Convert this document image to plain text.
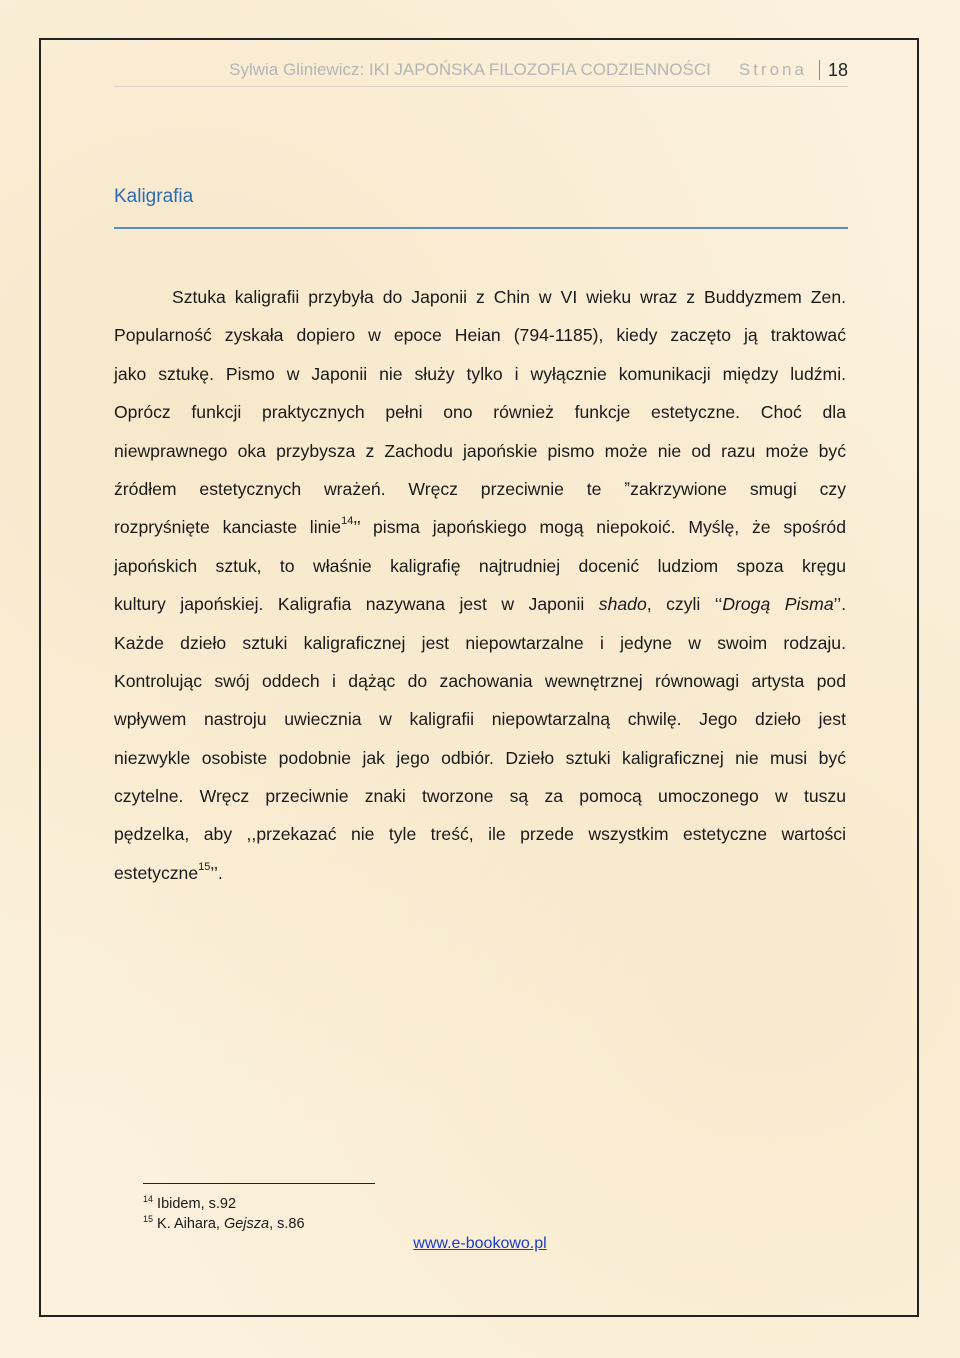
Sylwia Gliniewicz: IKI JAPOŃSKA FILOZOFIA CODZIENNOŚCI Strona 18
Kaligrafia
Sztuka kaligrafii przybyła do Japonii z Chin w VI wieku wraz z Buddyzmem Zen.
Popularność zyskała dopiero w epoce Heian (794-1185), kiedy zaczęto ją traktować
jako sztukę. Pismo w Japonii nie służy tylko i wyłącznie komunikacji między ludźmi.
Oprócz funkcji praktycznych pełni ono również funkcje estetyczne. Choć dla
niewprawnego oka przybysza z Zachodu japońskie pismo może nie od razu może być
źródłem estetycznych wrażeń. Wręcz przeciwnie te ˮzakrzywione smugi czy
rozpryśnięte kanciaste linie$^{14}$’’ pisma japońskiego mogą niepokoić. Myślę, że spośród
japońskich sztuk, to właśnie kaligrafię najtrudniej docenić ludziom spoza kręgu
kultury japońskiej. Kaligrafia nazywana jest w Japonii shado, czyli ‘‘Drogą Pisma’’.
Każde dzieło sztuki kaligraficznej jest niepowtarzalne i jedyne w swoim rodzaju.
Kontrolując swój oddech i dążąc do zachowania wewnętrznej równowagi artysta pod
wpływem nastroju uwiecznia w kaligrafii niepowtarzalną chwilę. Jego dzieło jest
niezwykle osobiste podobnie jak jego odbiór. Dzieło sztuki kaligraficznej nie musi być
czytelne. Wręcz przeciwnie znaki tworzone są za pomocą umoczonego w tuszu
pędzelka, aby ,,przekazać nie tyle treść, ile przede wszystkim estetyczne wartości
estetyczne$^{15}$’’.
$^{14}$ Ibidem, s.92
$^{15}$ K. Aihara, Gejsza, s.86
www.e-bookowo.pl
